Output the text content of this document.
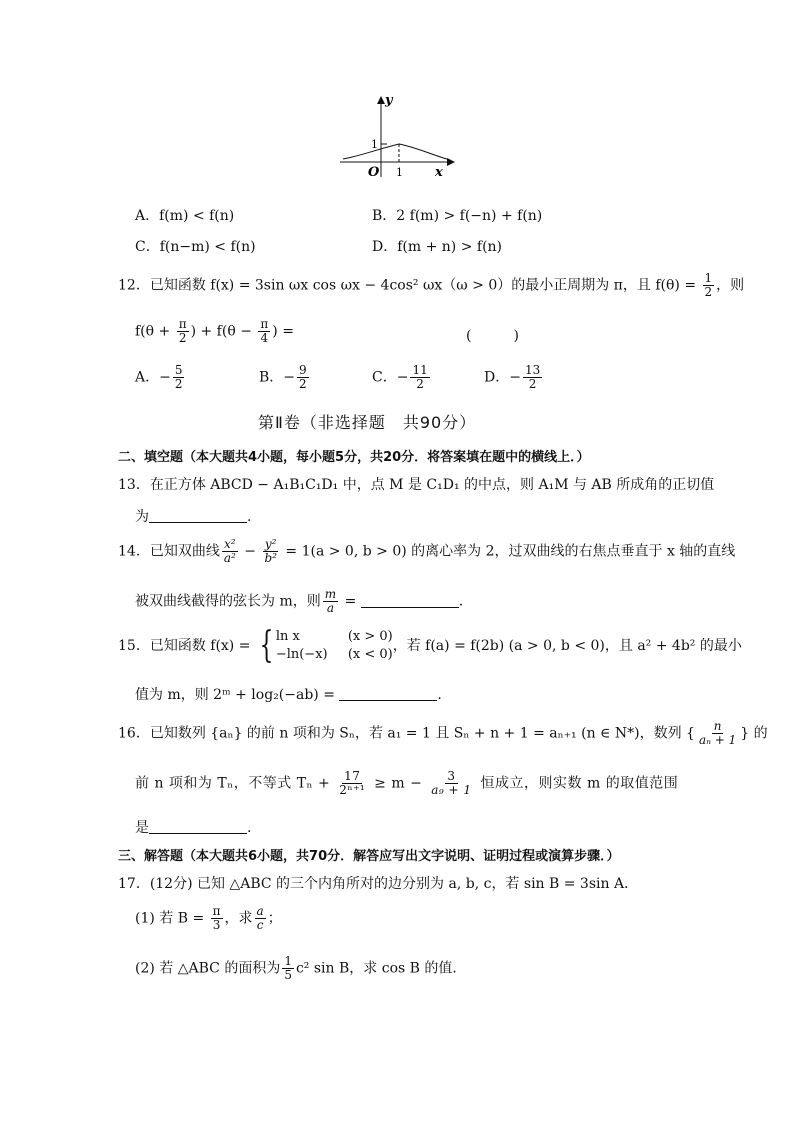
y
1
O 1 x
A．f(m) < f(n)	B．2 f(m) > f(−n) + f(n)
C．f(n−m) < f(n)	D．f(m + n) > f(n)
12．已知函数 f(x) = 3sin ωx cos ωx − 4cos² ωx（ω > 0）的最小正周期为 π，且 $f(\theta) = \frac{1}{2}$ ，则
$f(\theta + \frac{\pi}{2}$ ) + $f(\theta - \frac{\pi}{4}$ ) =	(　　　)
A．− $\frac{5}{2}$	B．− $\frac{9}{2}$	C．− $\frac{11}{2}$	D．− $\frac{13}{2}$
第Ⅱ卷（非选择题　共90分）
二、填空题（本大题共4小题，每小题5分，共20分．将答案填在题中的横线上．）
13．在正方体 ABCD − A₁B₁C₁D₁ 中，点 M 是 C₁D₁ 的中点，则 A₁M 与 AB 所成角的正切值
为	.
14．已知双曲线 $\frac{\text{x²}}{\text{a²}} - \frac{\text{y²}}{\text{b²}} = 1(a > 0$, b > 0) 的离心率为 2，过双曲线的右焦点垂直于 x 轴的直线
被双曲线截得的弦长为 m，则 $\frac{m}{a}$ =	.
15．已知函数 f(x) = { ln x	(x > 0)
−ln(−x) (x < 0)
，若 f(a) = f(2b) (a > 0, b < 0)，且 a² + 4b² 的最小
值为 m，则 2ᵐ + log₂(−ab) =	.
16．已知数列 {aₙ} 的前 n 项和为 Sₙ，若 a₁ = 1 且 Sₙ + n + 1 = aₙ₊₁ (n ∈ N*)，数列 { $\frac{n}{\text{aₙ + 1}}$ } 的
前 n 项和为 Tₙ，不等式 $T_n + \frac{17}{\text{2ⁿ⁺¹}} \ge m - \frac{3}{\text{a₉ + 1}}$ 恒成立，则实数 m 的取值范围
是	.
三、解答题（本大题共6小题，共70分．解答应写出文字说明、证明过程或演算步骤．）
17．(12分) 已知 △ABC 的三个内角所对的边分别为 a, b, c，若 sin B = 3sin A．
(1) 若 $B = \frac{\pi}{3}$ ，求 $\frac{a}{c}$ ；
(2) 若 △ABC 的面积为 $\frac{1}{5} c^2$ sin B，求 cos B 的值．
